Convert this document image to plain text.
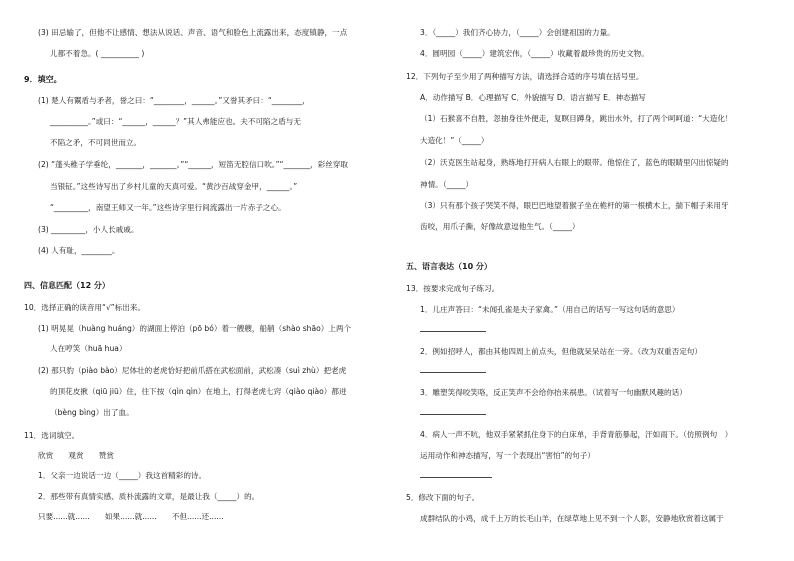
(3) 田忌输了，但他不让感情、想法从说话、声音、语气和脸色上流露出来，态度镇静，一点
儿都不着急。( __________ )
9．填空。
(1) 楚人有鬻盾与矛者，誉之曰：“________，______。”又誉其矛曰：“________，
__________。”或曰：“______，______？”其人弗能应也。夫不可陷之盾与无
不陷之矛，不可同世而立。
(2) “蓬头稚子学垂纶，_______，_______。”“______，短笛无腔信口吹。”“_______，彩丝穿取
当银钲。”这些诗写出了乡村儿童的天真可爱。“黄沙百战穿金甲，______。”
“_________，南望王师又一年。”这些诗字里行间流露出一片赤子之心。
(3) _________，小人长戚戚。
(4) 人有耻，________。
四、信息匹配（12 分）
10．选择正确的读音用“√”标出来。
(1) 明晃晃（huàng huáng）的湖面上停泊（pō bó）着一艘艘，船艄（shào shāo）上两个
人在哼笑（huā hua）
(2) 那只豹（piào bào）尼体壮的老虎恰好把前爪搭在武松面前，武松凑（suì zhù）把老虎
的顶花皮揪（qiū jiū）住，往下按（qìn qìn）在地上，打得老虎七窍（qiào qiào）都迸
（bèng bìng）出了血。
11．选词填空。
欣赏　　观赏　　赞赏
1．父亲一边说话一边（_____）我这首精彩的诗。
2．那些带有真情实感、质朴流露的文章，是最让我（_____）的。
只要......就......　　如果......就......　　不但......还......
3．（_____）我们齐心协力，（_____）会创建祖国的力量。
4．圆明园（_____）建筑宏伟，（_____）收藏着最珍贵的历史文物。
12．下列句子至少用了两种描写方法，请选择合适的序号填在括号里。
A．动作描写 B．心理描写 C．外貌描写 D．语言描写 E．神态描写
（1）石猴喜不自胜，忽抽身往外便走，复瞑目蹲身，跳出水外，打了两个呵呵道：“大造化！
大造化！”（_____）
（2）沃克医生站起身，熟练地打开病人右眼上的眼带。他惊住了，蓝色的眼睛里闪出惊疑的
神情。（_____）
（3）只有那个孩子哭笑不得，眼巴巴地望着猴子坐在桅杆的第一根横木上，揣下帽子来用牙
齿咬，用爪子撕，好像故意逗他生气。（_____）
五、语言表达（10 分）
13．按要求完成句子练习。
1．儿庄声答曰：“未闻孔雀是夫子家禽。”（用自己的话写一写这句话的意思）
2．例如招呼人，都由其他四周上前点头，但他就呆呆站在一旁。（改为双重否定句）
3．雕塑笑得咬笑咯，反正笑声不会给你抬来祸患。（试着写一句幽默风趣的话）
4．病人一声不吭，他双手紧紧抓住身下的白床单，手背青筋暴起，汗如雨下。（仿照例句　）
运用动作和神态描写，写一个表现出“害怕”的句子）
5．修改下面的句子。
成群结队的小鸡，成千上万的长毛山羊，在绿草地上见不到一个人影，安静地欣赏着这属于
